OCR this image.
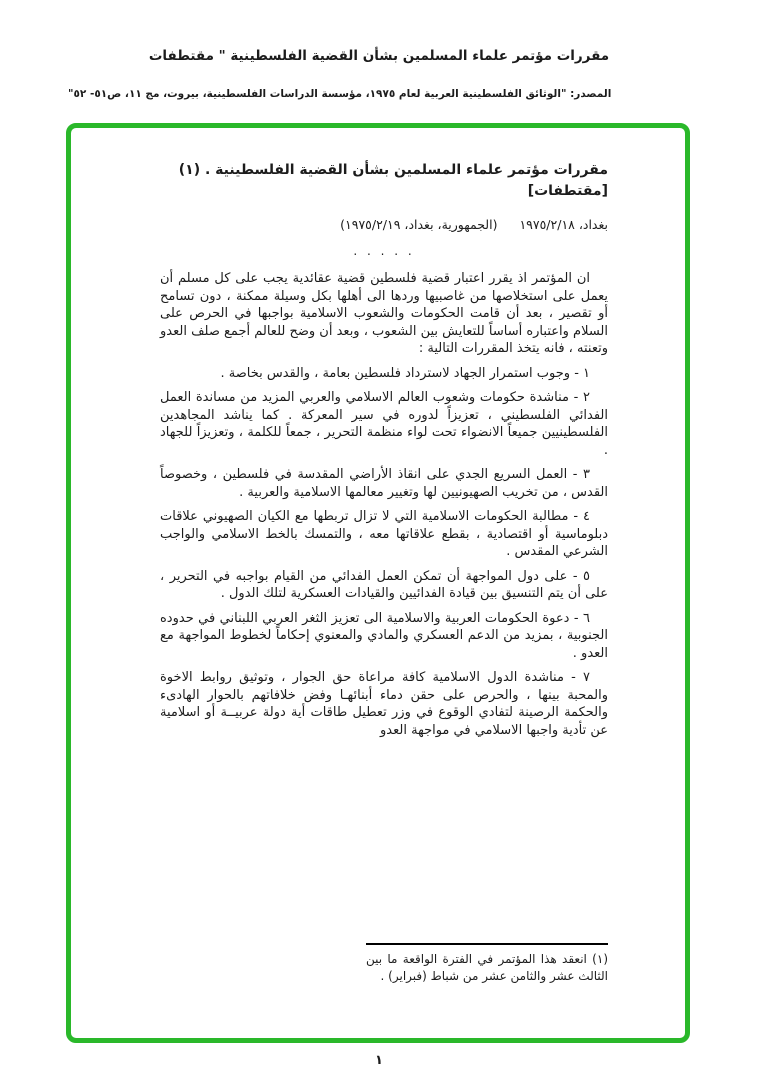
مقررات مؤتمر علماء المسلمين بشأن القضية الفلسطينية " مقتطفات
المصدر: "الوثائق الفلسطينية العربية لعام ١٩٧٥، مؤسسة الدراسات الفلسطينية، بيروت، مج ١١، ص٥١- ٥٢"
مقررات مؤتمر علماء المسلمين بشأن القضية الفلسطينية . (١)
[مقتطفات]
بغداد، ١٩٧٥/٢/١٨ (الجمهورية، بغداد، ١٩٧٥/٢/١٩)
. . . . .

ان المؤتمر اذ يقرر اعتبار قضية فلسطين قضية عقائدية يجب على كل مسلم أن يعمل على استخلاصها من غاصبيها وردها الى أهلها بكل وسيلة ممكنة ، دون تسامح أو تقصير ، بعد أن قامت الحكومات والشعوب الاسلامية بواجبها في الحرص على السلام واعتباره أساساً للتعايش بين الشعوب ، وبعد أن وضح للعالم أجمع صلف العدو وتعنته ، فانه يتخذ المقررات التالية :

١ - وجوب استمرار الجهاد لاسترداد فلسطين بعامة ، والقدس بخاصة .

٢ - مناشدة حكومات وشعوب العالم الاسلامي والعربي المزيد من مساندة العمل الفدائي الفلسطيني ، تعزيزاً لدوره في سير المعركة . كما يناشد المجاهدين الفلسطينيين جميعاً الانضواء تحت لواء منظمة التحرير ، جمعاً للكلمة ، وتعزيزاً للجهاد .

٣ - العمل السريع الجدي على انقاذ الأراضي المقدسة في فلسطين ، وخصوصاً القدس ، من تخريب الصهيونيين لها وتغيير معالمها الاسلامية والعربية .

٤ - مطالبة الحكومات الاسلامية التي لا تزال تربطها مع الكيان الصهيوني علاقات دبلوماسية أو اقتصادية ، بقطع علاقاتها معه ، والتمسك بالخط الاسلامي والواجب الشرعي المقدس .

٥ - على دول المواجهة أن تمكن العمل الفدائي من القيام بواجبه في التحرير ، على أن يتم التنسيق بين قيادة الفدائيين والقيادات العسكرية لتلك الدول .

٦ - دعوة الحكومات العربية والاسلامية الى تعزيز الثغر العربي اللبناني في حدوده الجنوبية ، بمزيد من الدعم العسكري والمادي والمعنوي إحكاماً لخطوط المواجهة مع العدو .

٧ - مناشدة الدول الاسلامية كافة مراعاة حق الجوار ، وتوثيق روابط الاخوة والمحبة بينها ، والحرص على حقن دماء أبنائهـا وفض خلافاتهم بالحوار الهادىء والحكمة الرصينة لتفادي الوقوع في وزر تعطيل طاقات أية دولة عربيــة أو اسلامية عن تأدية واجبها الاسلامي في مواجهة العدو

(١) انعقد هذا المؤتمر في الفترة الواقعة ما بين الثالث عشر والثامن عشر من شباط (فبراير) .
١
